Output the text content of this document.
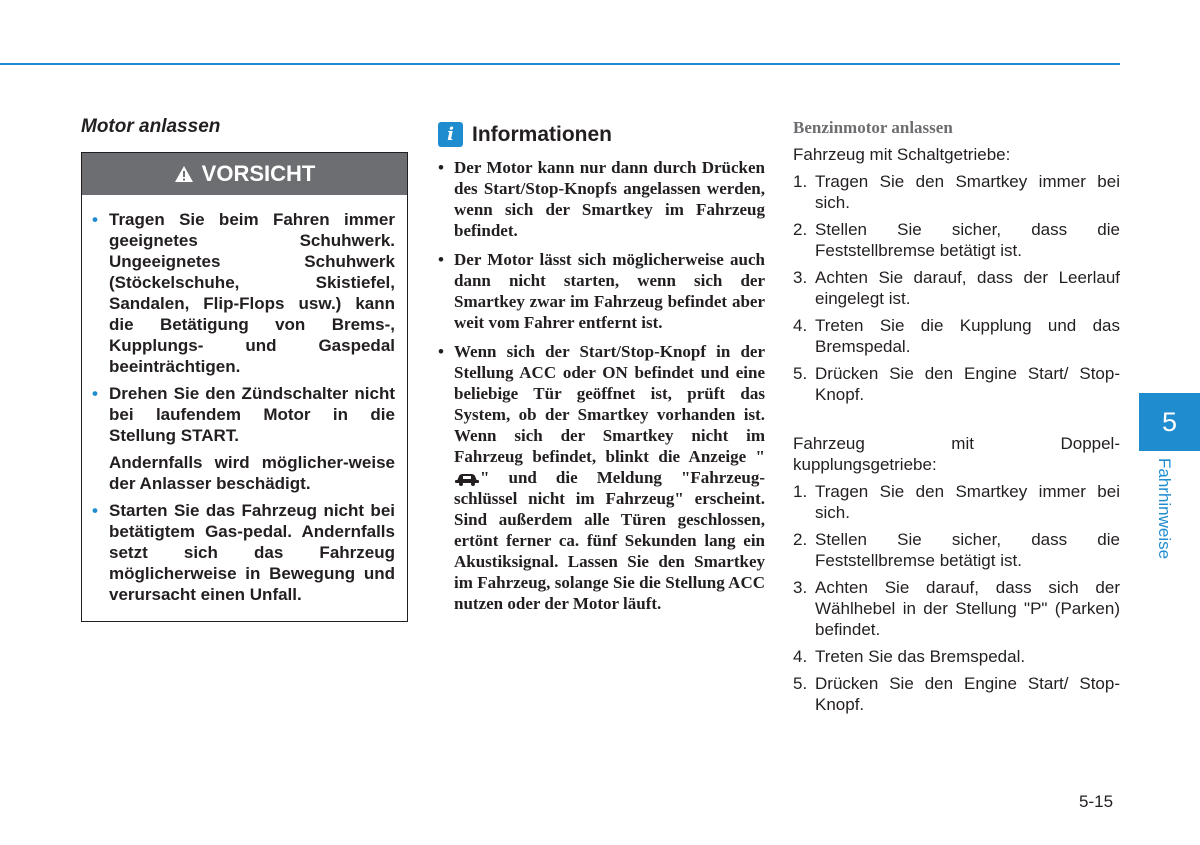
Motor anlassen
VORSICHT
• Tragen Sie beim Fahren immer geeignetes Schuhwerk. Ungeeignetes Schuhwerk (Stöckelschuhe, Skistiefel, Sandalen, Flip-Flops usw.) kann die Betätigung von Brems-, Kupplungs- und Gaspedal beeinträchtigen.
• Drehen Sie den Zündschalter nicht bei laufendem Motor in die Stellung START.
Andernfalls wird möglicher-weise der Anlasser beschädigt.
• Starten Sie das Fahrzeug nicht bei betätigtem Gas-pedal. Andernfalls setzt sich das Fahrzeug möglicherweise in Bewegung und verursacht einen Unfall.
i Informationen
• Der Motor kann nur dann durch Drücken des Start/Stop-Knopfs angelassen werden, wenn sich der Smartkey im Fahrzeug befindet.
• Der Motor lässt sich möglicherweise auch dann nicht starten, wenn sich der Smartkey zwar im Fahrzeug befindet aber weit vom Fahrer entfernt ist.
• Wenn sich der Start/Stop-Knopf in der Stellung ACC oder ON befindet und eine beliebige Tür geöffnet ist, prüft das System, ob der Smartkey vorhanden ist. Wenn sich der Smartkey nicht im Fahrzeug befindet, blinkt die Anzeige "" und die Meldung "Fahrzeug-schlüssel nicht im Fahrzeug" erscheint. Sind außerdem alle Türen geschlossen, ertönt ferner ca. fünf Sekunden lang ein Akustiksignal. Lassen Sie den Smartkey im Fahrzeug, solange Sie die Stellung ACC nutzen oder der Motor läuft.
Benzinmotor anlassen
Fahrzeug mit Schaltgetriebe:
1. Tragen Sie den Smartkey immer bei sich.
2. Stellen Sie sicher, dass die Feststellbremse betätigt ist.
3. Achten Sie darauf, dass der Leerlauf eingelegt ist.
4. Treten Sie die Kupplung und das Bremspedal.
5. Drücken Sie den Engine Start/ Stop-Knopf.
Fahrzeug mit Doppel-
kupplungsgetriebe:
1. Tragen Sie den Smartkey immer bei sich.
2. Stellen Sie sicher, dass die Feststellbremse betätigt ist.
3. Achten Sie darauf, dass sich der Wählhebel in der Stellung "P" (Parken) befindet.
4. Treten Sie das Bremspedal.
5. Drücken Sie den Engine Start/ Stop-Knopf.
5
Fahrhinweise
5-15
